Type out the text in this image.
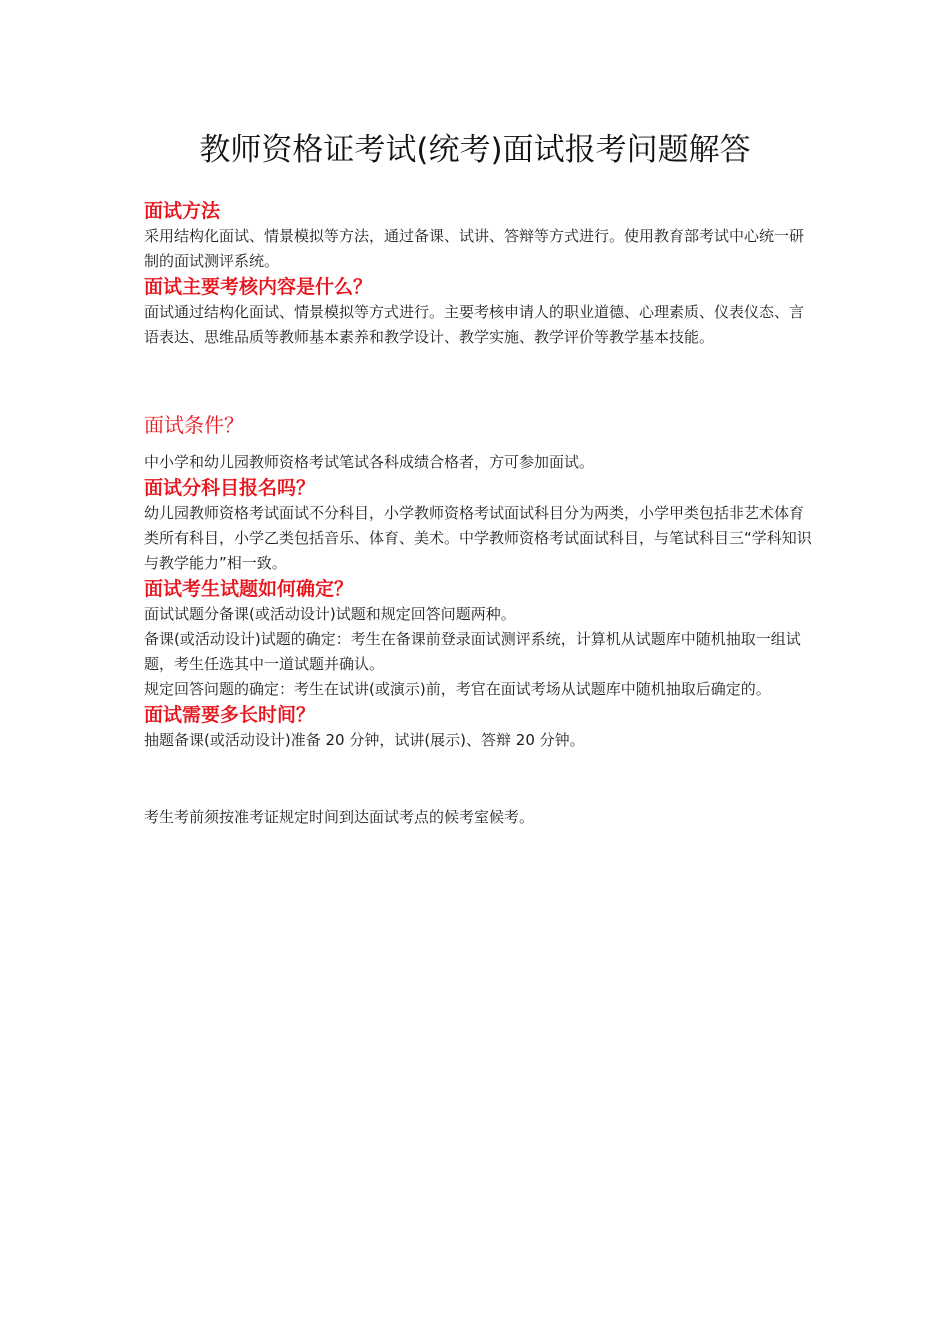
教师资格证考试(统考)面试报考问题解答
面试方法

采用结构化面试、情景模拟等方法，通过备课、试讲、答辩等方式进行。使用教育部考试中心统一研制的面试测评系统。

面试主要考核内容是什么？

面试通过结构化面试、情景模拟等方式进行。主要考核申请人的职业道德、心理素质、仪表仪态、言语表达、思维品质等教师基本素养和教学设计、教学实施、教学评价等教学基本技能。

面试条件？

中小学和幼儿园教师资格考试笔试各科成绩合格者，方可参加面试。

面试分科目报名吗？

幼儿园教师资格考试面试不分科目，小学教师资格考试面试科目分为两类，小学甲类包括非艺术体育类所有科目，小学乙类包括音乐、体育、美术。中学教师资格考试面试科目，与笔试科目三“学科知识与教学能力”相一致。

面试考生试题如何确定？

面试试题分备课(或活动设计)试题和规定回答问题两种。

备课(或活动设计)试题的确定：考生在备课前登录面试测评系统，计算机从试题库中随机抽取一组试题，考生任选其中一道试题并确认。

规定回答问题的确定：考生在试讲(或演示)前，考官在面试考场从试题库中随机抽取后确定的。

面试需要多长时间？

抽题备课(或活动设计)准备 20 分钟，试讲(展示)、答辩 20 分钟。

考生考前须按准考证规定时间到达面试考点的候考室候考。
